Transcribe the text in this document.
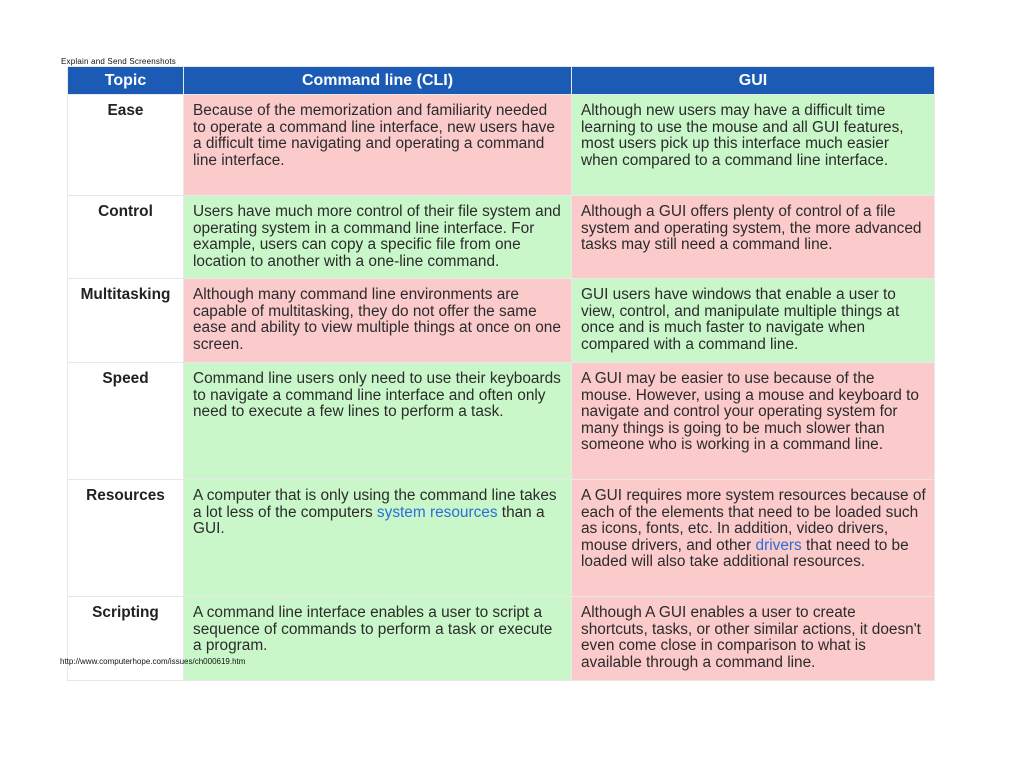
Explain and Send Screenshots
Topic	Command line (CLI)	GUI
Ease	Because of the memorization and familiarity needed to operate a command line interface, new users have a difficult time navigating and operating a command line interface.	Although new users may have a difficult time learning to use the mouse and all GUI features, most users pick up this interface much easier when compared to a command line interface.
Control	Users have much more control of their file system and operating system in a command line interface. For example, users can copy a specific file from one location to another with a one-line command.	Although a GUI offers plenty of control of a file system and operating system, the more advanced tasks may still need a command line.
Multitasking	Although many command line environments are capable of multitasking, they do not offer the same ease and ability to view multiple things at once on one screen.	GUI users have windows that enable a user to view, control, and manipulate multiple things at once and is much faster to navigate when compared with a command line.
Speed	Command line users only need to use their keyboards to navigate a command line interface and often only need to execute a few lines to perform a task.	A GUI may be easier to use because of the mouse. However, using a mouse and keyboard to navigate and control your operating system for many things is going to be much slower than someone who is working in a command line.
Resources	A computer that is only using the command line takes a lot less of the computers system resources than a GUI.	A GUI requires more system resources because of each of the elements that need to be loaded such as icons, fonts, etc. In addition, video drivers, mouse drivers, and other drivers that need to be loaded will also take additional resources.
Scripting	A command line interface enables a user to script a sequence of commands to perform a task or execute a program.	Although A GUI enables a user to create shortcuts, tasks, or other similar actions, it doesn't even come close in comparison to what is available through a command line.
http://www.computerhope.com/issues/ch000619.htm
